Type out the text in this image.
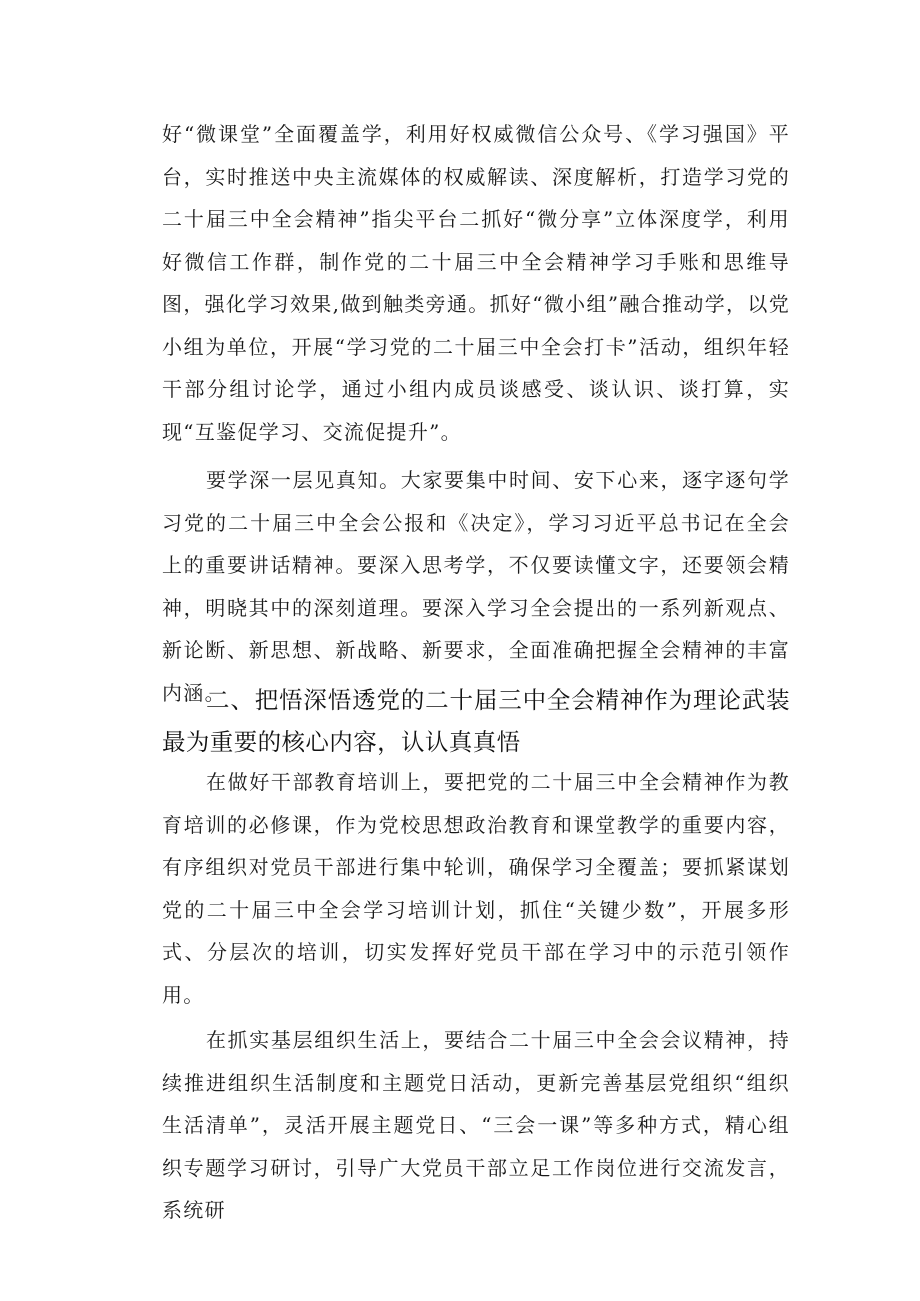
好“微课堂”全面覆盖学，利用好权威微信公众号、《学习强国》平台，实时推送中央主流媒体的权威解读、深度解析，打造学习党的二十届三中全会精神”指尖平台二抓好“微分享”立体深度学，利用好微信工作群，制作党的二十届三中全会精神学习手账和思维导图，强化学习效果,做到触类旁通。抓好“微小组”融合推动学，以党小组为单位，开展“学习党的二十届三中全会打卡”活动，组织年轻干部分组讨论学，通过小组内成员谈感受、谈认识、谈打算，实现“互鉴促学习、交流促提升”。

要学深一层见真知。大家要集中时间、安下心来，逐字逐句学习党的二十届三中全会公报和《决定》，学习习近平总书记在全会上的重要讲话精神。要深入思考学，不仅要读懂文字，还要领会精神，明晓其中的深刻道理。要深入学习全会提出的一系列新观点、新论断、新思想、新战略、新要求，全面准确把握全会精神的丰富内涵。

二、把悟深悟透党的二十届三中全会精神作为理论武装最为重要的核心内容，认认真真悟

在做好干部教育培训上，要把党的二十届三中全会精神作为教育培训的必修课，作为党校思想政治教育和课堂教学的重要内容，有序组织对党员干部进行集中轮训，确保学习全覆盖；要抓紧谋划党的二十届三中全会学习培训计划，抓住“关键少数”，开展多形式、分层次的培训，切实发挥好党员干部在学习中的示范引领作用。

在抓实基层组织生活上，要结合二十届三中全会会议精神，持续推进组织生活制度和主题党日活动，更新完善基层党组织“组织生活清单”，灵活开展主题党日、“三会一课”等多种方式，精心组织专题学习研讨，引导广大党员干部立足工作岗位进行交流发言，系统研
